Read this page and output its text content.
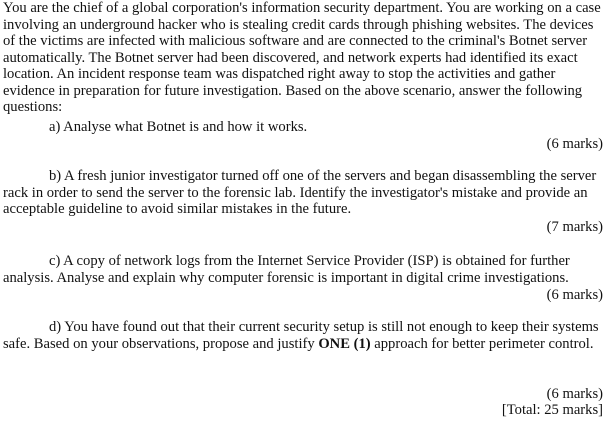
You are the chief of a global corporation's information security department. You are working on a case involving an underground hacker who is stealing credit cards through phishing websites. The devices of the victims are infected with malicious software and are connected to the criminal's Botnet server automatically. The Botnet server had been discovered, and network experts had identified its exact location. An incident response team was dispatched right away to stop the activities and gather evidence in preparation for future investigation. Based on the above scenario, answer the following questions:

a) Analyse what Botnet is and how it works.
(6 marks)

b) A fresh junior investigator turned off one of the servers and began disassembling the server rack in order to send the server to the forensic lab. Identify the investigator's mistake and provide an acceptable guideline to avoid similar mistakes in the future.

(7 marks)

c) A copy of network logs from the Internet Service Provider (ISP) is obtained for further analysis. Analyse and explain why computer forensic is important in digital crime investigations.

(6 marks)

d) You have found out that their current security setup is still not enough to keep their systems safe. Based on your observations, propose and justify ONE (1) approach for better perimeter control.

(6 marks)
[Total: 25 marks]
